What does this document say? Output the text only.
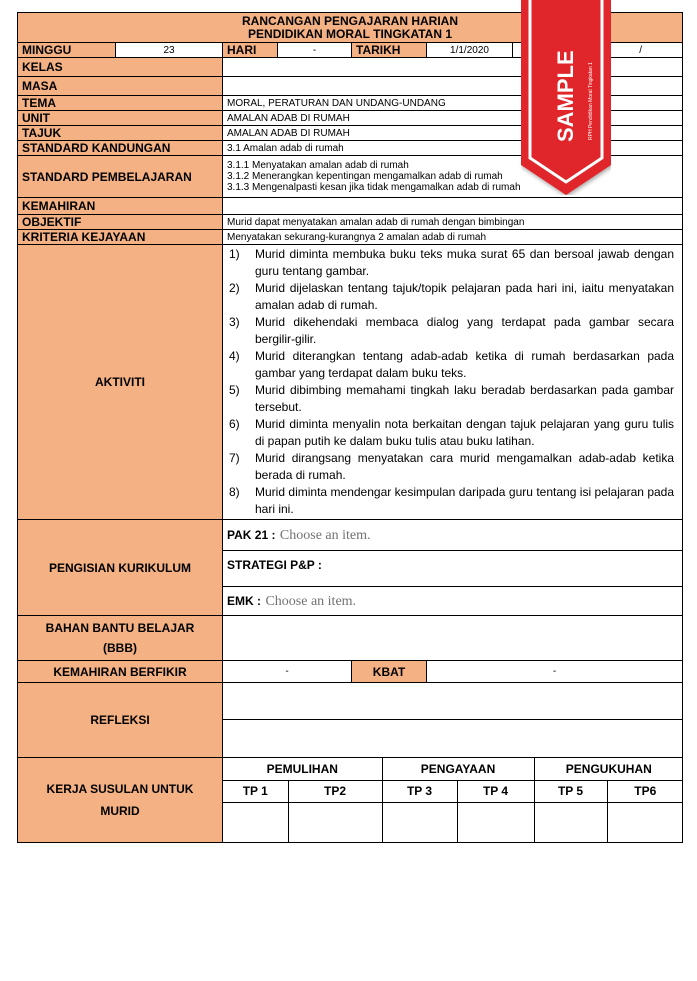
RANCANGAN PENGAJARAN HARIAN
PENDIDIKAN MORAL TINGKATAN 1

MINGGU	23	HARI	-	TARIKH	1/1/2020	/
KELAS	
MASA	
TEMA	MORAL, PERATURAN DAN UNDANG-UNDANG
UNIT	AMALAN ADAB DI RUMAH
TAJUK	AMALAN ADAB DI RUMAH
STANDARD KANDUNGAN	3.1 Amalan adab di rumah
STANDARD PEMBELAJARAN	
3.1.1 Menyatakan amalan adab di rumah
3.1.2 Menerangkan kepentingan mengamalkan adab di rumah
3.1.3 Mengenalpasti kesan jika tidak mengamalkan adab di rumah

KEMAHIRAN	
OBJEKTIF	Murid dapat menyatakan amalan adab di rumah dengan bimbingan
KRITERIA KEJAYAAN	Menyatakan sekurang-kurangnya 2 amalan adab di rumah
AKTIVITI	
1)	Murid diminta membuka buku teks muka surat 65 dan bersoal jawab dengan guru tentang gambar.
2)	Murid dijelaskan tentang tajuk/topik pelajaran pada hari ini, iaitu menyatakan amalan adab di rumah.
3)	Murid dikehendaki membaca dialog yang terdapat pada gambar secara bergilir-gilir.
4)	Murid diterangkan tentang adab-adab ketika di rumah berdasarkan pada gambar yang terdapat dalam buku teks.
5)	Murid dibimbing memahami tingkah laku beradab berdasarkan pada gambar tersebut.
6)	Murid diminta menyalin nota berkaitan dengan tajuk pelajaran yang guru tulis di papan putih ke dalam buku tulis atau buku latihan.
7)	Murid dirangsang menyatakan cara murid mengamalkan adab-adab ketika berada di rumah.
8)	Murid diminta mendengar kesimpulan daripada guru tentang isi pelajaran pada hari ini.

PENGISIAN KURIKULUM	PAK 21 : Choose an item.
STRATEGI P&P :
EMK : Choose an item.

BAHAN BANTU BELAJAR
(BBB)

KEMAHIRAN BERFIKIR	-	KBAT	-
REFLEKSI	

KERJA SUSULAN UNTUK
MURID

PEMULIHAN	PENGAYAAN	PENGUKUHAN
TP 1	TP2	TP 3	TP 4	TP 5	TP6

SAMPLE RPH Pendidikan Moral Tingkatan 1
